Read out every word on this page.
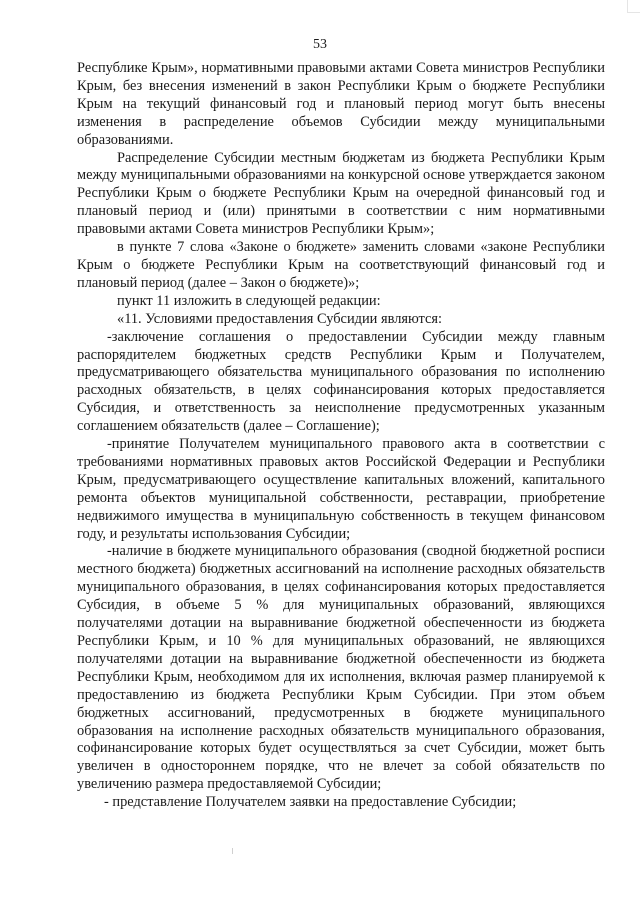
53

Республике Крым», нормативными правовыми актами Совета министров Республики Крым, без внесения изменений в закон Республики Крым о бюджете Республики Крым на текущий финансовый год и плановый период могут быть внесены изменения в распределение объемов Субсидии между муниципальными образованиями.

Распределение Субсидии местным бюджетам из бюджета Республики Крым между муниципальными образованиями на конкурсной основе утверждается законом Республики Крым о бюджете Республики Крым на очередной финансовый год и плановый период и (или) принятыми в соответствии с ним нормативными правовыми актами Совета министров Республики Крым»;

в пункте 7 слова «Законе о бюджете» заменить словами «законе Республики Крым о бюджете Республики Крым на соответствующий финансовый год и плановый период (далее – Закон о бюджете)»;

пункт 11 изложить в следующей редакции:

«11. Условиями предоставления Субсидии являются:

-заключение соглашения о предоставлении Субсидии между главным распорядителем бюджетных средств Республики Крым и Получателем, предусматривающего обязательства муниципального образования по исполнению расходных обязательств, в целях софинансирования которых предоставляется Субсидия, и ответственность за неисполнение предусмотренных указанным соглашением обязательств (далее – Соглашение);

-принятие Получателем муниципального правового акта в соответствии с требованиями нормативных правовых актов Российской Федерации и Республики Крым, предусматривающего осуществление капитальных вложений, капитального ремонта объектов муниципальной собственности, реставрации, приобретение недвижимого имущества в муниципальную собственность в текущем финансовом году, и результаты использования Субсидии;

-наличие в бюджете муниципального образования (сводной бюджетной росписи местного бюджета) бюджетных ассигнований на исполнение расходных обязательств муниципального образования, в целях софинансирования которых предоставляется Субсидия, в объеме 5 % для муниципальных образований, являющихся получателями дотации на выравнивание бюджетной обеспеченности из бюджета Республики Крым, и 10 % для муниципальных образований, не являющихся получателями дотации на выравнивание бюджетной обеспеченности из бюджета Республики Крым, необходимом для их исполнения, включая размер планируемой к предоставлению из бюджета Республики Крым Субсидии. При этом объем бюджетных ассигнований, предусмотренных в бюджете муниципального образования на исполнение расходных обязательств муниципального образования, софинансирование которых будет осуществляться за счет Субсидии, может быть увеличен в одностороннем порядке, что не влечет за собой обязательств по увеличению размера предоставляемой Субсидии;

- представление Получателем заявки на предоставление Субсидии;
